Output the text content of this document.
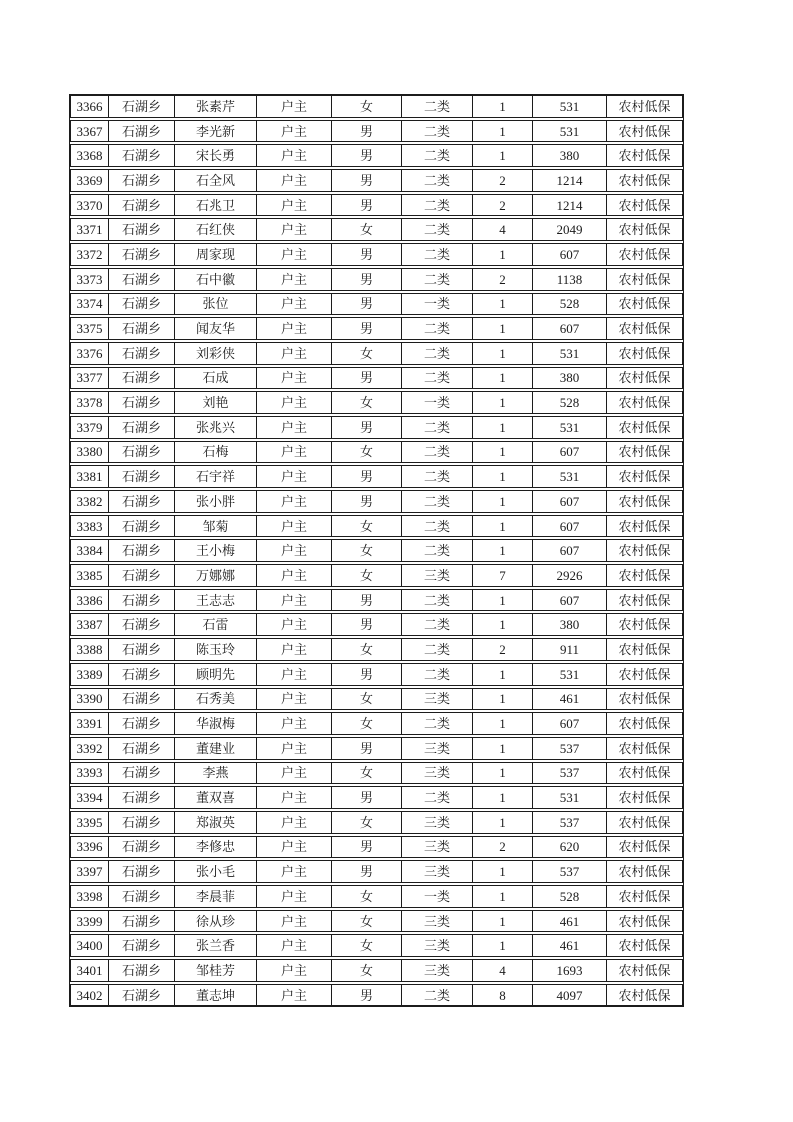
3366	石湖乡	张素芹	户主	女	二类	1	531	农村低保
3367	石湖乡	李光新	户主	男	二类	1	531	农村低保
3368	石湖乡	宋长勇	户主	男	二类	1	380	农村低保
3369	石湖乡	石全风	户主	男	二类	2	1214	农村低保
3370	石湖乡	石兆卫	户主	男	二类	2	1214	农村低保
3371	石湖乡	石红侠	户主	女	二类	4	2049	农村低保
3372	石湖乡	周家现	户主	男	二类	1	607	农村低保
3373	石湖乡	石中徽	户主	男	二类	2	1138	农村低保
3374	石湖乡	张位	户主	男	一类	1	528	农村低保
3375	石湖乡	闻友华	户主	男	二类	1	607	农村低保
3376	石湖乡	刘彩侠	户主	女	二类	1	531	农村低保
3377	石湖乡	石成	户主	男	二类	1	380	农村低保
3378	石湖乡	刘艳	户主	女	一类	1	528	农村低保
3379	石湖乡	张兆兴	户主	男	二类	1	531	农村低保
3380	石湖乡	石梅	户主	女	二类	1	607	农村低保
3381	石湖乡	石宇祥	户主	男	二类	1	531	农村低保
3382	石湖乡	张小胖	户主	男	二类	1	607	农村低保
3383	石湖乡	邹菊	户主	女	二类	1	607	农村低保
3384	石湖乡	王小梅	户主	女	二类	1	607	农村低保
3385	石湖乡	万娜娜	户主	女	三类	7	2926	农村低保
3386	石湖乡	王志志	户主	男	二类	1	607	农村低保
3387	石湖乡	石雷	户主	男	二类	1	380	农村低保
3388	石湖乡	陈玉玲	户主	女	二类	2	911	农村低保
3389	石湖乡	顾明先	户主	男	二类	1	531	农村低保
3390	石湖乡	石秀美	户主	女	三类	1	461	农村低保
3391	石湖乡	华淑梅	户主	女	二类	1	607	农村低保
3392	石湖乡	董建业	户主	男	三类	1	537	农村低保
3393	石湖乡	李燕	户主	女	三类	1	537	农村低保
3394	石湖乡	董双喜	户主	男	二类	1	531	农村低保
3395	石湖乡	郑淑英	户主	女	三类	1	537	农村低保
3396	石湖乡	李修忠	户主	男	三类	2	620	农村低保
3397	石湖乡	张小毛	户主	男	三类	1	537	农村低保
3398	石湖乡	李晨菲	户主	女	一类	1	528	农村低保
3399	石湖乡	徐从珍	户主	女	三类	1	461	农村低保
3400	石湖乡	张兰香	户主	女	三类	1	461	农村低保
3401	石湖乡	邹桂芳	户主	女	三类	4	1693	农村低保
3402	石湖乡	董志坤	户主	男	二类	8	4097	农村低保
